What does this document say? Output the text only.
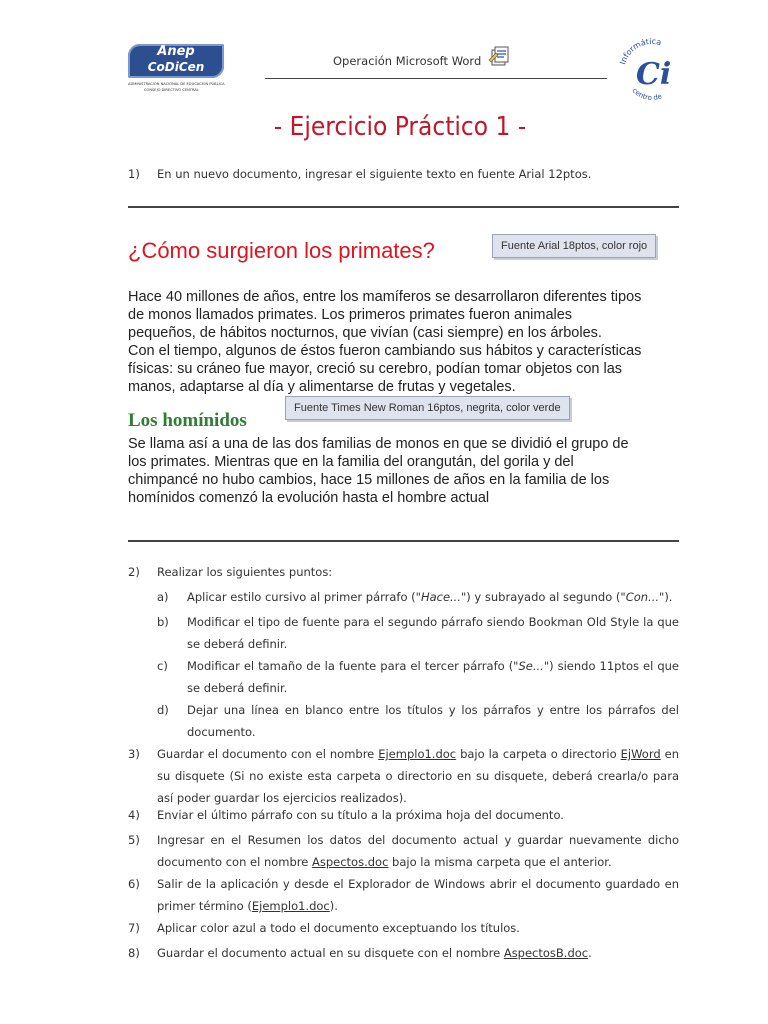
Anep
CoDiCen
ADMINISTRACIÓN NACIONAL DE EDUCACIÓN PÚBLICA
CONSEJO DIRECTIVO CENTRAL
Operación Microsoft Word	Informática
centro de
Ci
- Ejercicio Práctico 1 -
1) En un nuevo documento, ingresar el siguiente texto en fuente Arial 12ptos.
¿Cómo surgieron los primates?	Fuente Arial 18ptos, color rojo
Hace 40 millones de años, entre los mamíferos se desarrollaron diferentes tipos
de monos llamados primates. Los primeros primates fueron animales
pequeños, de hábitos nocturnos, que vivían (casi siempre) en los árboles.
Con el tiempo, algunos de éstos fueron cambiando sus hábitos y características
físicas: su cráneo fue mayor, creció su cerebro, podían tomar objetos con las
manos, adaptarse al día y alimentarse de frutas y vegetales.
Los homínidos
Fuente Times New Roman 16ptos, negrita, color verde
Se llama así a una de las dos familias de monos en que se dividió el grupo de
los primates. Mientras que en la familia del orangután, del gorila y del
chimpancé no hubo cambios, hace 15 millones de años en la familia de los
homínidos comenzó la evolución hasta el hombre actual
2) Realizar los siguientes puntos:
a) Aplicar estilo cursivo al primer párrafo ("Hace...") y subrayado al segundo ("Con...").
b) Modificar el tipo de fuente para el segundo párrafo siendo Bookman Old Style la que se deberá definir.
c) Modificar el tamaño de la fuente para el tercer párrafo ("Se...") siendo 11ptos el que se deberá definir.
d) Dejar una línea en blanco entre los títulos y los párrafos y entre los párrafos del documento.
3) Guardar el documento con el nombre Ejemplo1.doc bajo la carpeta o directorio EjWord en su disquete (Si no existe esta carpeta o directorio en su disquete, deberá crearla/o para así poder guardar los ejercicios realizados).
4) Enviar el último párrafo con su título a la próxima hoja del documento.
5) Ingresar en el Resumen los datos del documento actual y guardar nuevamente dicho documento con el nombre Aspectos.doc bajo la misma carpeta que el anterior.
6) Salir de la aplicación y desde el Explorador de Windows abrir el documento guardado en primer término (Ejemplo1.doc).
7) Aplicar color azul a todo el documento exceptuando los títulos.
8) Guardar el documento actual en su disquete con el nombre AspectosB.doc.
